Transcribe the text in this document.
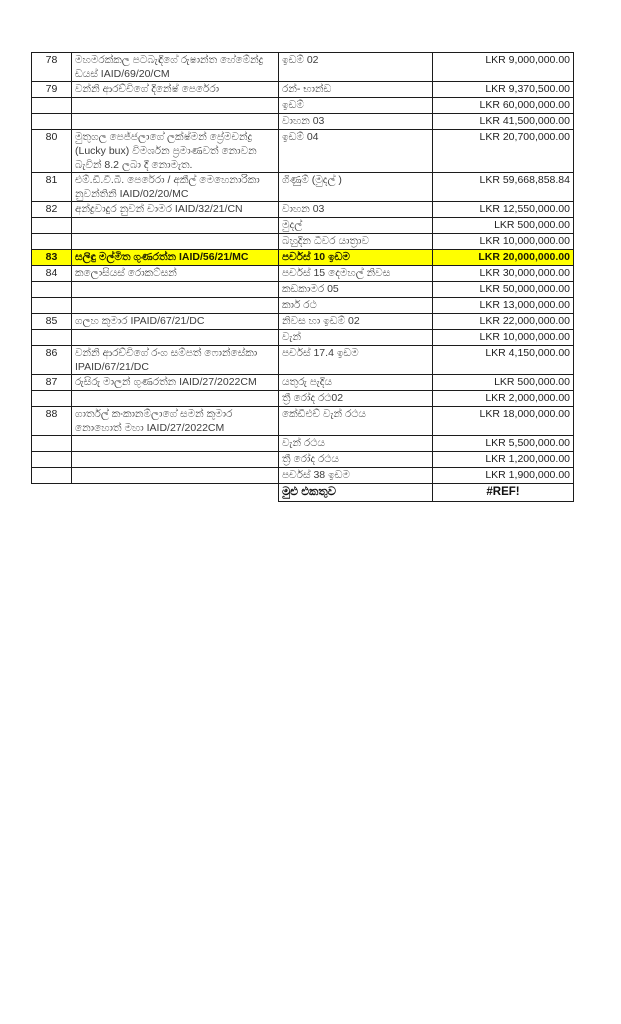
78	මහමරක්කල පටබැඳිගේ රුෂාන්ත හේමේන්ද්‍ර ඩයස් IAID/69/20/CM	ඉඩම් 02	LKR 9,000,000.00
79	වන්නි ආරච්චිගේ දිනේෂ් පෙරේරා	රන්- භාන්ඩ	LKR 9,370,500.00
		ඉඩම්	LKR 60,000,000.00
		වාහන 03	LKR 41,500,000.00
80	මුතුගල පෙජ්ජලාගේ ලක්ෂ්මන් ප්‍රේමචන්ද්‍ර (Lucky bux) විමර්ශන ප්‍රමාණවත් නොවන බැවින් 8.2 ලබා දී නොමැත.	ඉඩම් 04	LKR 20,700,000.00
81	එම්.ඩී.වී.බී. පෙරේරා / අකීල් මෙහෙනාරිකා නුවන්තිනි IAID/02/20/MC	ගිණුම් (මුදල් )	LKR 59,668,858.84
82	අන්ද්‍රවාදුර නුවන් චාමර IAID/32/21/CN	වාහන 03	LKR 12,550,000.00
		මුදල්	LKR 500,000.00
		බහුදින ධීවර යාත්‍රාව	LKR 10,000,000.00
83	සලිඳු මල්මිත ගුණරත්න IAID/56/21/MC	පර්චස් 10 ඉඩම	LKR 20,000,000.00
84	කලොසියස් රොකට්සන්	පර්චස් 15 දෙමහල් නිවස	LKR 30,000,000.00
		කඩකාමර 05	LKR 50,000,000.00
		කාර් රථ	LKR 13,000,000.00
85	ගලහ කුමාර IPAID/67/21/DC	නිවස හා ඉඩම් 02	LKR 22,000,000.00
		වැන්	LKR 10,000,000.00
86	වන්නි ආරච්චිගේ රංග සම්පත් ෆොන්සේකා IPAID/67/21/DC	පර්චස් 17.4 ඉඩම	LKR 4,150,000.00
87	රුසිරු මාලන් ගුණරත්න IAID/27/2022CM	යතුරු පැදිය	LKR 500,000.00
		ත්‍රී රෝද රථ02	LKR 2,000,000.00
88	ගාර්තල් කංකානම්ලාගේ සමන් කුමාර නොහොත් මහා IAID/27/2022CM	කේඩීඑච් වැන් රථය	LKR 18,000,000.00
		වැන් රථය	LKR 5,500,000.00
		ත්‍රී රෝද රථය	LKR 1,200,000.00
		පර්චස් 38 ඉඩම	LKR 1,900,000.00
		මුළු එකතුව	#REF!
